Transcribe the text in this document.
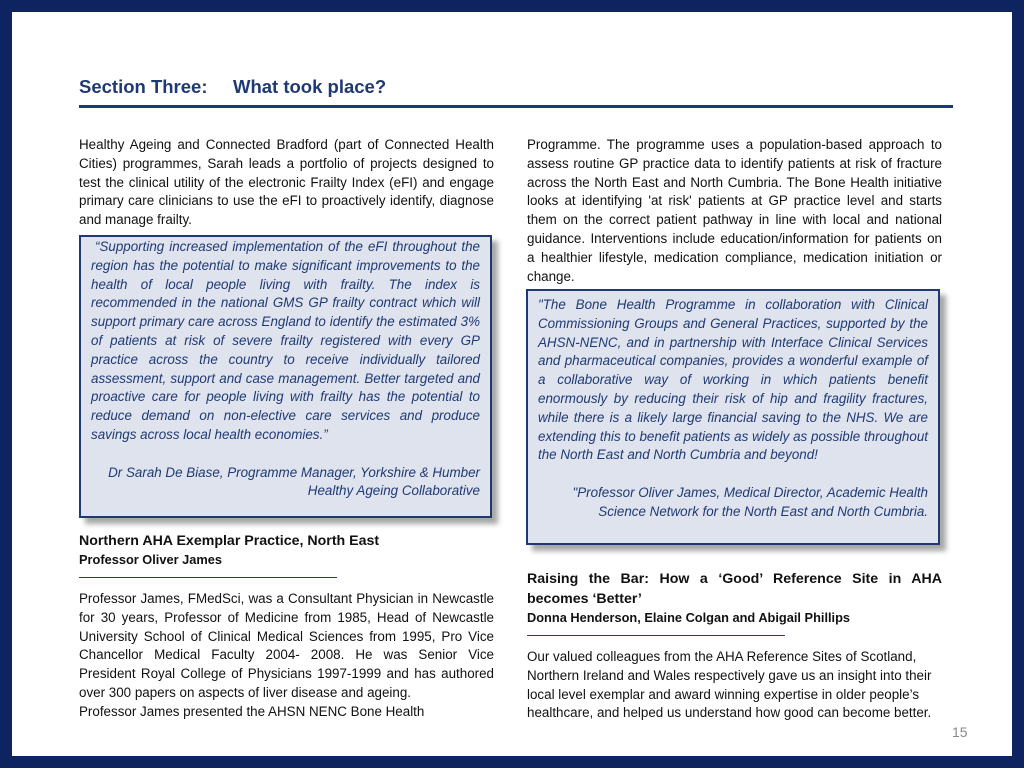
Section Three: What took place?

Healthy Ageing and Connected Bradford (part of Connected Health Cities) programmes, Sarah leads a portfolio of projects designed to test the clinical utility of the electronic Frailty Index (eFI) and engage primary care clinicians to use the eFI to proactively identify, diagnose and manage frailty.

“Supporting increased implementation of the eFI throughout the region has the potential to make significant improvements to the health of local people living with frailty. The index is recommended in the national GMS GP frailty contract which will support primary care across England to identify the estimated 3% of patients at risk of severe frailty registered with every GP practice across the country to receive individually tailored assessment, support and case management. Better targeted and proactive care for people living with frailty has the potential to reduce demand on non-elective care services and produce savings across local health economies.”

Dr Sarah De Biase, Programme Manager, Yorkshire & Humber Healthy Ageing Collaborative

Northern AHA Exemplar Practice, North East
Professor Oliver James

Professor James, FMedSci, was a Consultant Physician in Newcastle for 30 years, Professor of Medicine from 1985, Head of Newcastle University School of Clinical Medical Sciences from 1995, Pro Vice Chancellor Medical Faculty 2004- 2008. He was Senior Vice President Royal College of Physicians 1997-1999 and has authored over 300 papers on aspects of liver disease and ageing.

Professor James presented the AHSN NENC Bone Health

Programme. The programme uses a population-based approach to assess routine GP practice data to identify patients at risk of fracture across the North East and North Cumbria. The Bone Health initiative looks at identifying 'at risk' patients at GP practice level and starts them on the correct patient pathway in line with local and national guidance. Interventions include education/information for patients on a healthier lifestyle, medication compliance, medication initiation or change.

"The Bone Health Programme in collaboration with Clinical Commissioning Groups and General Practices, supported by the AHSN-NENC, and in partnership with Interface Clinical Services and pharmaceutical companies, provides a wonderful example of a collaborative way of working in which patients benefit enormously by reducing their risk of hip and fragility fractures, while there is a likely large financial saving to the NHS. We are extending this to benefit patients as widely as possible throughout the North East and North Cumbria and beyond!

"Professor Oliver James, Medical Director, Academic Health Science Network for the North East and North Cumbria.

Raising the Bar: How a ‘Good’ Reference Site in AHA becomes ‘Better’
Donna Henderson, Elaine Colgan and Abigail Phillips

Our valued colleagues from the AHA Reference Sites of Scotland, Northern Ireland and Wales respectively gave us an insight into their local level exemplar and award winning expertise in older people’s healthcare, and helped us understand how good can become better.

15
